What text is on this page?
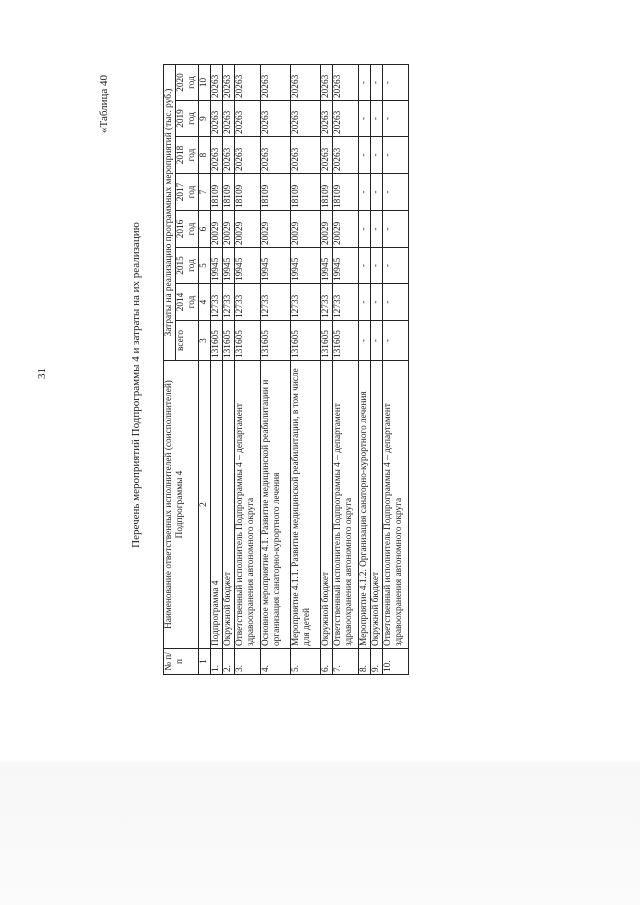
31
«Таблица 40
Перечень мероприятий Подпрограммы 4 и затраты на их реализацию
№ п/п	Наименование ответственных исполнителей (соисполнителей) Подпрограммы 4	Затраты на реализацию программных мероприятий (тыс. руб.)							
		всего	2014 год	2015 год	2016 год	2017 год	2018 год	2019 год	2020 год
1	2	3	4	5	6	7	8	9	10
1.	Подпрограмма 4	131605	12733	19945	20029	18109	20263	20263	20263
2.	Окружной бюджет	131605	12733	19945	20029	18109	20263	20263	20263
3.	Ответственный исполнитель Подпрограммы 4 – департамент здравоохранения автономного округа	131605	12733	19945	20029	18109	20263	20263	20263
4.	Основное мероприятие 4.1. Развитие медицинской реабилитации и организация санаторно-курортного лечения	131605	12733	19945	20029	18109	20263	20263	20263
5.	Мероприятие 4.1.1. Развитие медицинской реабилитации, в том числе для детей	131605	12733	19945	20029	18109	20263	20263	20263
6.	Окружной бюджет	131605	12733	19945	20029	18109	20263	20263	20263
7.	Ответственный исполнитель Подпрограммы 4 – департамент здравоохранения автономного округа	131605	12733	19945	20029	18109	20263	20263	20263
8.	Мероприятие 4.1.2. Организация санаторно-курортного лечения	-	-	-	-	-	-	-	-
9.	Окружной бюджет	-	-	-	-	-	-	-	-
10.	Ответственный исполнитель Подпрограммы 4 – департамент здравоохранения автономного округа	-	-	-	-	-	-	-	-
